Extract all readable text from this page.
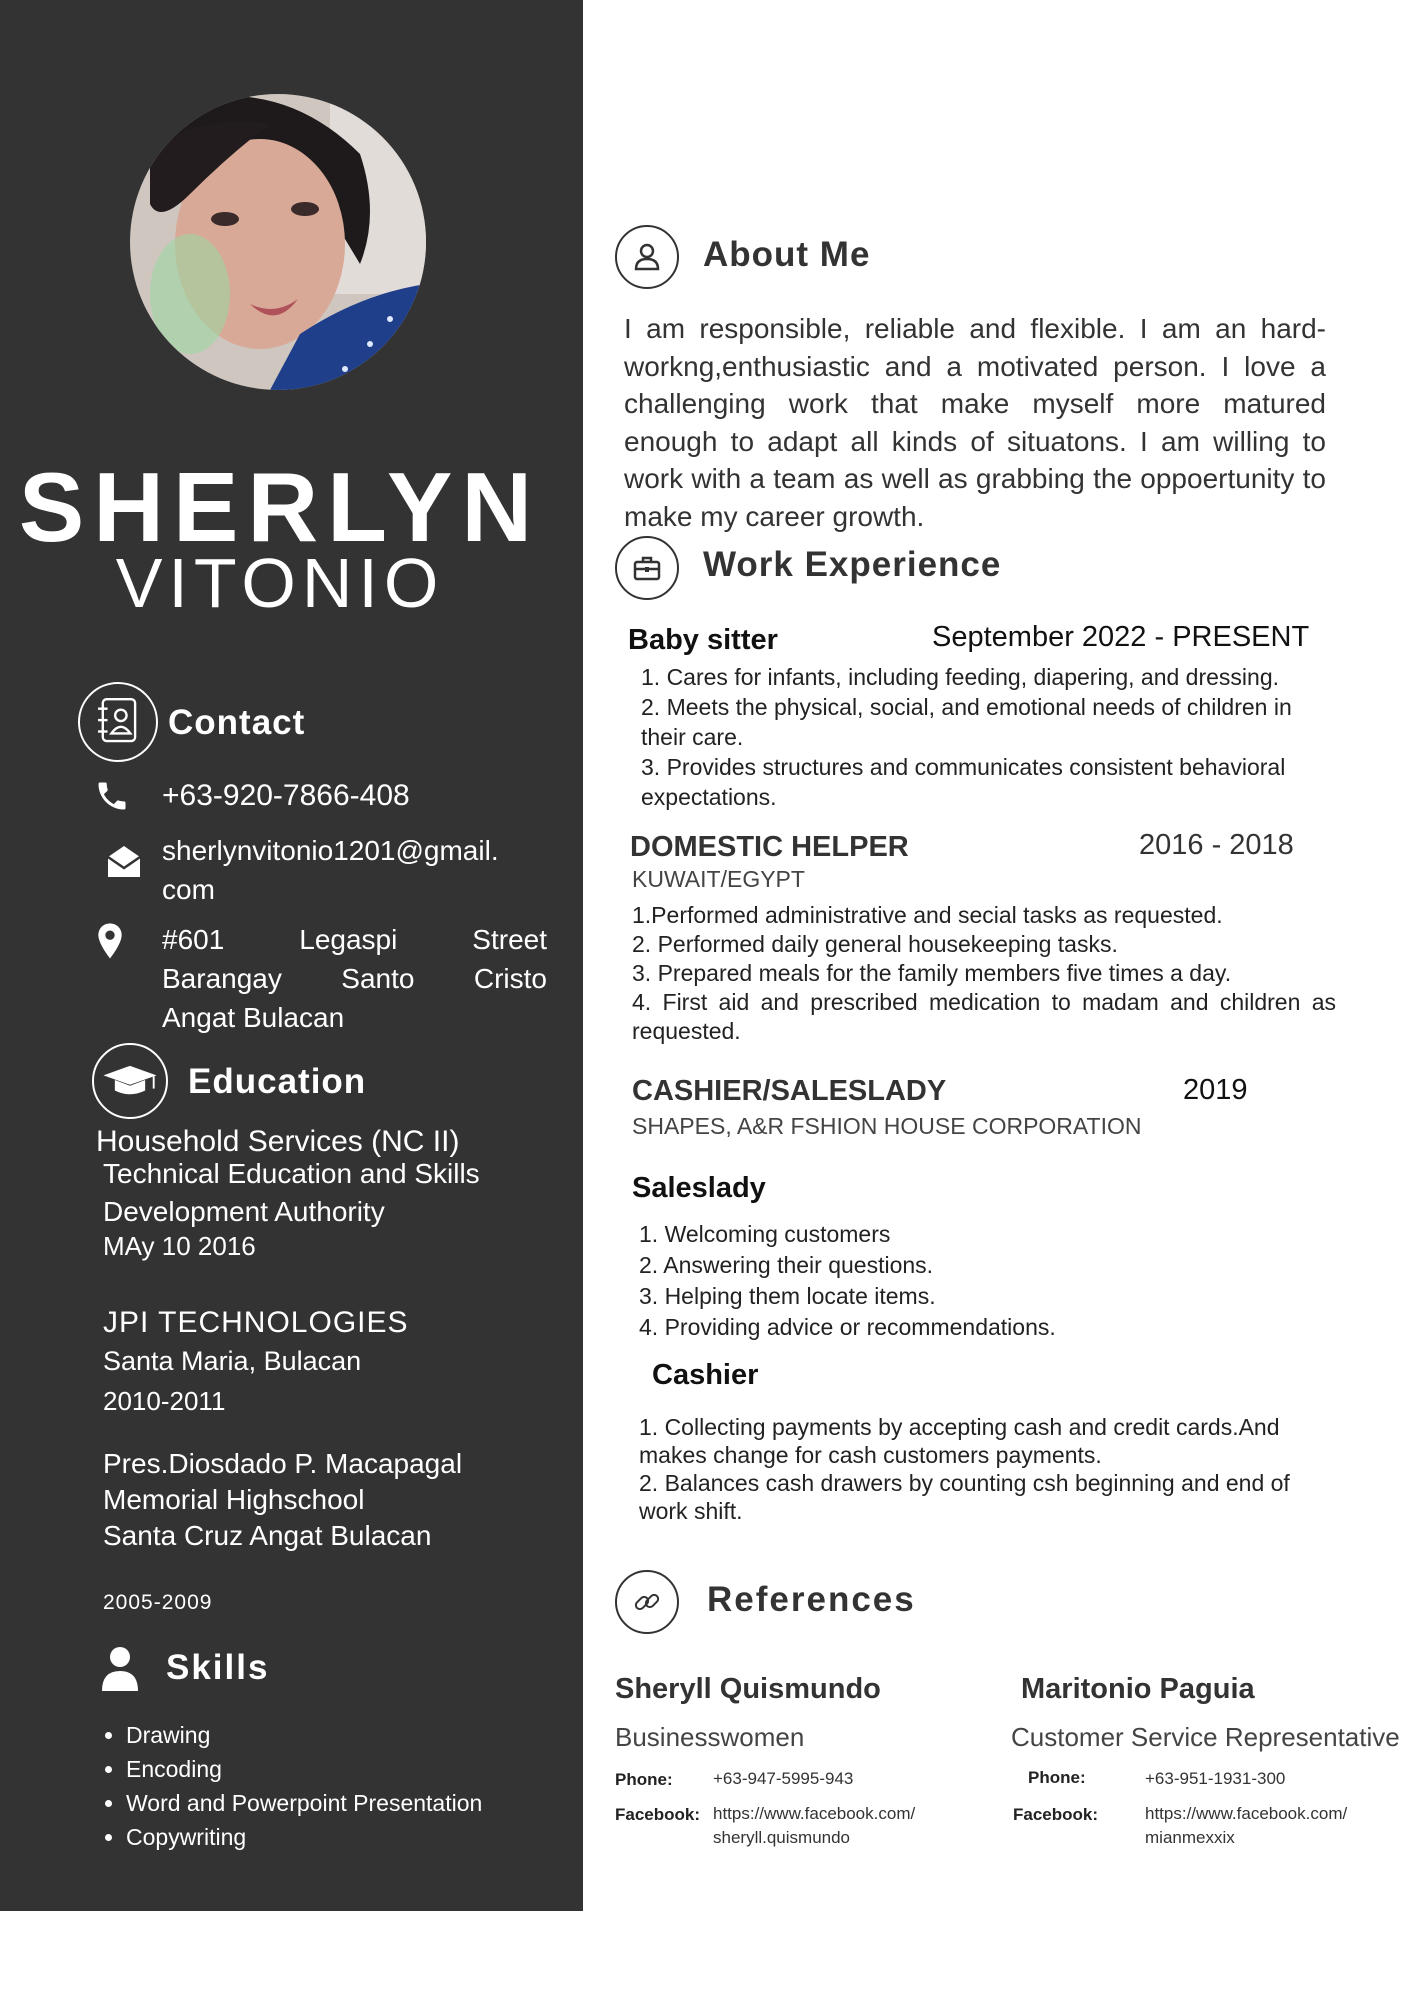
SHERLYN
VITONIO
Contact
+63-920-7866-408
sherlynvitonio1201@gmail.
com
#601	Legaspi	Street
Barangay Santo Cristo
Angat Bulacan
Education
Household Services (NC II)
Technical Education and Skills
Development Authority
MAy 10 2016
JPI TECHNOLOGIES
Santa Maria, Bulacan
2010-2011
Pres.Diosdado P. Macapagal
Memorial Highschool
Santa Cruz Angat Bulacan
2005-2009
Skills
• Drawing
• Encoding
• Word and Powerpoint Presentation
• Copywriting
About Me
I am responsible, reliable and flexible. I am an hard-workng,enthusiastic and a motivated person. I love a challenging work that make myself more matured enough to adapt all kinds of situatons. I am willing to work with a team as well as grabbing the oppoertunity to make my career growth.
Work Experience
Baby sitter	September 2022 - PRESENT
1. Cares for infants, including feeding, diapering, and dressing.
2. Meets the physical, social, and emotional needs of children in their care.
3. Provides structures and communicates consistent behavioral expectations.
DOMESTIC HELPER	2016 - 2018
KUWAIT/EGYPT
1.Performed administrative and secial tasks as requested.
2. Performed daily general housekeeping tasks.
3. Prepared meals for the family members five times a day.
4. First aid and prescribed medication to madam and children as requested.
CASHIER/SALESLADY	2019
SHAPES, A&R FSHION HOUSE CORPORATION
Saleslady
1. Welcoming customers
2. Answering their questions.
3. Helping them locate items.
4. Providing advice or recommendations.
Cashier
1. Collecting payments by accepting cash and credit cards.And makes change for cash customers payments.
2. Balances cash drawers by counting csh beginning and end of work shift.
References
Sheryll Quismundo
Businesswomen
Phone: +63-947-5995-943
Facebook: https://www.facebook.com/
sheryll.quismundo
Maritonio Paguia
Customer Service Representative
Phone:	+63-951-1931-300
Facebook:	https://www.facebook.com/
mianmexxix
